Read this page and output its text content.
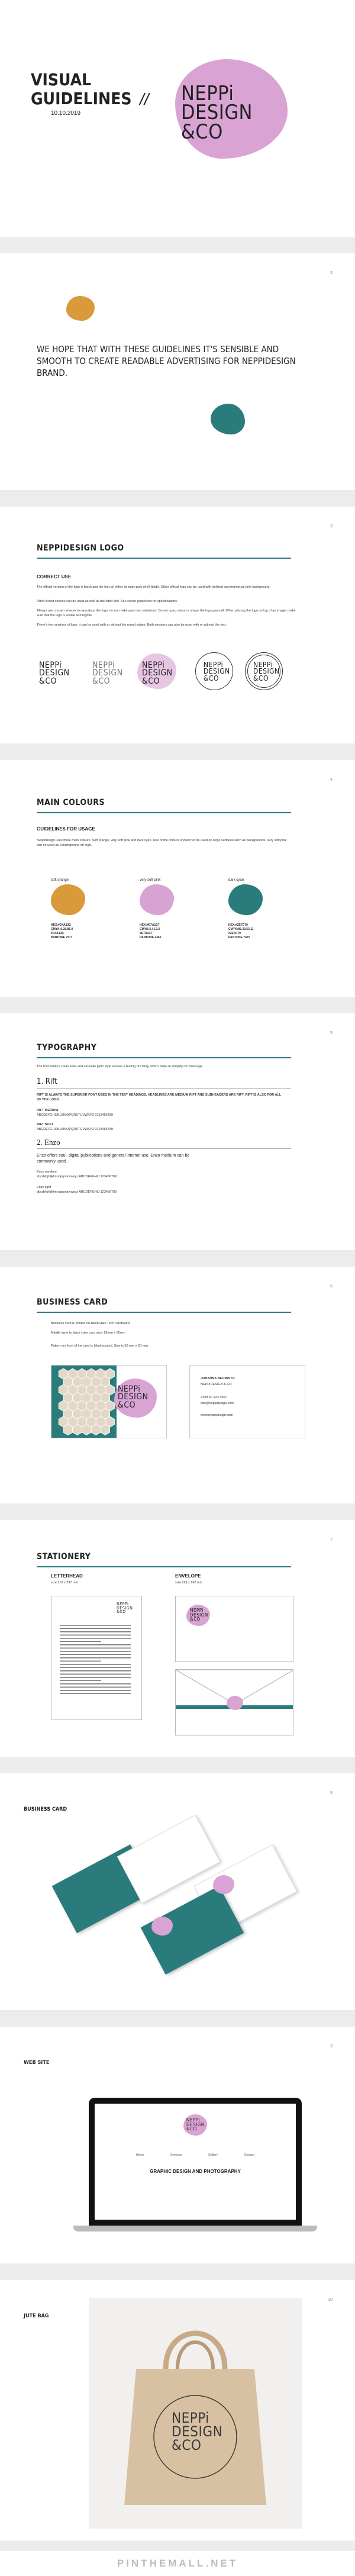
VISUAL
GUIDELINES
10.10.2019
// NEPPi
DESIGN
&CO
2
WE HOPE THAT WITH THESE GUIDELINES IT'S SENSIBLE AND SMOOTH TO CREATE READABLE ADVERTISING FOR NEPPIDESIGN BRAND.
3
NEPPIDESIGN LOGO
CORRECT USE
The official version of the logo is black and the text on either its main pink shell (blob). Other official logo can be used with deleted assymmetrical pink background.
Other brand colours can be used as well as the letter shit. See colour guidelines for specifications.
Always use chosen artwork to reproduce the logo; do not make your own variations. Do not type, colour or shape the logo yourself. When placing the logo on top of an image, make sure that the logo is visible and legible.
There's two versions of logo: it can be used with or without the round edges. Both versions can also be used with or without the text.
NEPPi
DESIGN
&CO
NEPPi
DESIGN
&CO
NEPPi
DESIGN
&CO
NEPPi
DESIGN
&CO
NEPPi
DESIGN
&CO
4
MAIN COLOURS
GUIDELINES FOR USAGE
Neppidesign uses three main colours. Soft orange, very soft pink and dark cyan. Use of the colours should not be used on large surfaces such as backgrounds. Very soft pink can be used as a background on logo.
soft orange
HEX:#D4A13C
CMYK:0.36.86.0
#D4A13C
PANTONE 7571
very soft pink
HEX:#E7A1C7
CMYK:5.41.3.0
#E7A1C7
PANTONE 2365
dark cyan
HEX:#2E7D79
CMYK:86.32.52.11
#2E7D79
PANTONE 7475
5
TYPOGRAPHY
The font family's clean lines and versatile plain style evokes a feeling of clarity, which helps to simplify our message.
1. Rift
RIFT IS ALWAYS THE SUPERIOR FONT USED IN THE TEXT HEADINGS. HEADLINES ARE MEDIUM RIFT AND SUBHEADERS ARE RIFT. RIFT IS ALSO FOR ALL OF THE LOGO.
RIFT MEDIUM
ABCDEFGHIJKLMNOPQRSTUVWXYZ 0123456789
RIFT SOFT
ABCDEFGHIJKLMNOPQRSTUVWXYZ 0123456789
2. Enzo
Enzo offers soul, digital publications and general internet use. Enzo medium can be commonly used.
Enzo medium
abcdefghijklmnopqrstuvwxyz ABCDEFGHIJ 123456789
Enzo light
abcdefghijklmnopqrstuvwxyz ABCDEFGHIJ 123456789
6
BUSINESS CARD
Business card is printed on Neon Halo Tech cardboard.
Middle layer is black color card size: 85mm x 55mm
Pattern on front of the card is blind-bossed. Size is 50 mm x 50 mm.
NEPPi
DESIGN
&CO
JOHANNA NEOMISTO
NEPPIDESIGN & CO
+358 40 123 4567
info@neppidesign.com
www.neppidesign.com
7
STATIONERY
LETTERHEAD
size 210 x 297 mm
ENVELOPE
size 229 x 162 mm
NEPPi
DESIGN
&CO	NEPPi
DESIGN
&CO
8
BUSINESS CARD
9
WEB SITE
NEPPi
DESIGN
&CO
Home	Services	Gallery	Contact
GRAPHIC DESIGN AND PHOTOGRAPHY
10
JUTE BAG
NEPPi
DESIGN
&CO
PINTHEMALL.NET
